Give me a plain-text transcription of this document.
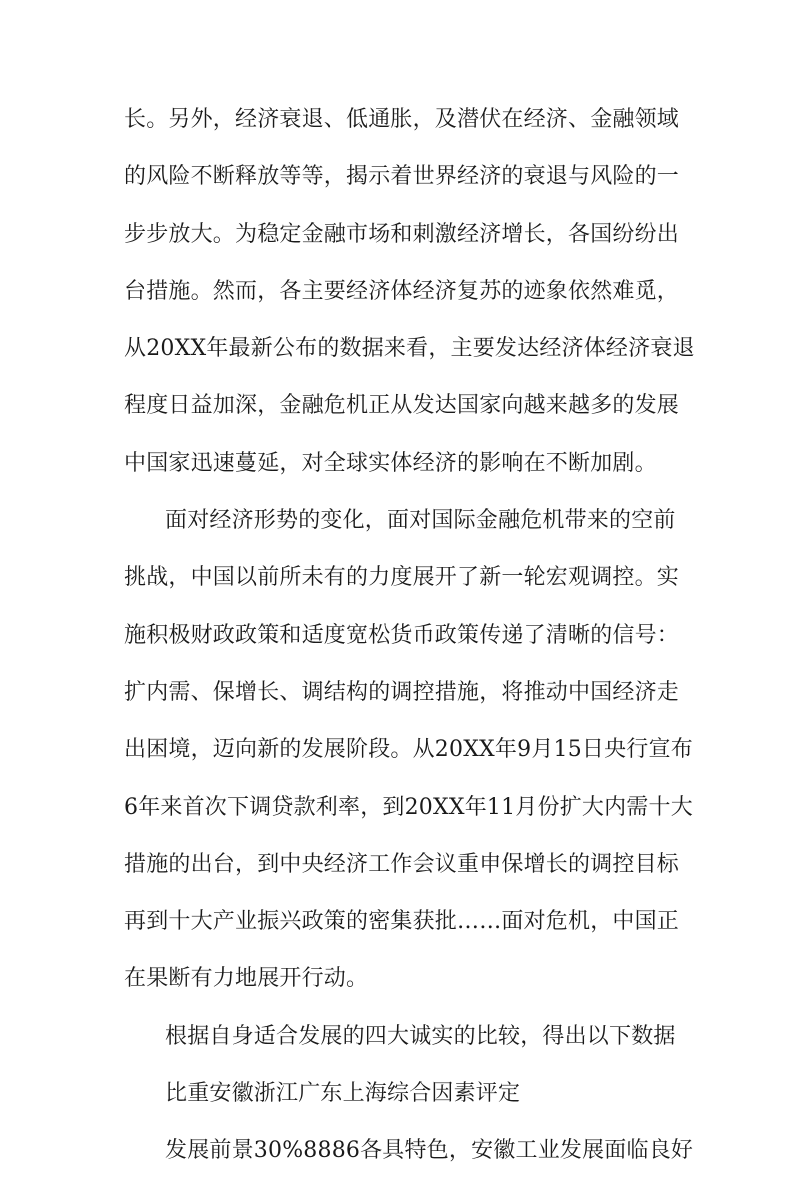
长。另外，经济衰退、低通胀，及潜伏在经济、金融领域
的风险不断释放等等，揭示着世界经济的衰退与风险的一
步步放大。为稳定金融市场和刺激经济增长，各国纷纷出
台措施。然而，各主要经济体经济复苏的迹象依然难觅，
从20XX年最新公布的数据来看，主要发达经济体经济衰退
程度日益加深，金融危机正从发达国家向越来越多的发展
中国家迅速蔓延，对全球实体经济的影响在不断加剧。
面对经济形势的变化，面对国际金融危机带来的空前
挑战，中国以前所未有的力度展开了新一轮宏观调控。实
施积极财政政策和适度宽松货币政策传递了清晰的信号：
扩内需、保增长、调结构的调控措施，将推动中国经济走
出困境，迈向新的发展阶段。从20XX年9月15日央行宣布
6年来首次下调贷款利率，到20XX年11月份扩大内需十大
措施的出台，到中央经济工作会议重申保增长的调控目标
再到十大产业振兴政策的密集获批……面对危机，中国正
在果断有力地展开行动。
根据自身适合发展的四大诚实的比较，得出以下数据
比重安徽浙江广东上海综合因素评定
发展前景30%8886各具特色，安徽工业发展面临良好
